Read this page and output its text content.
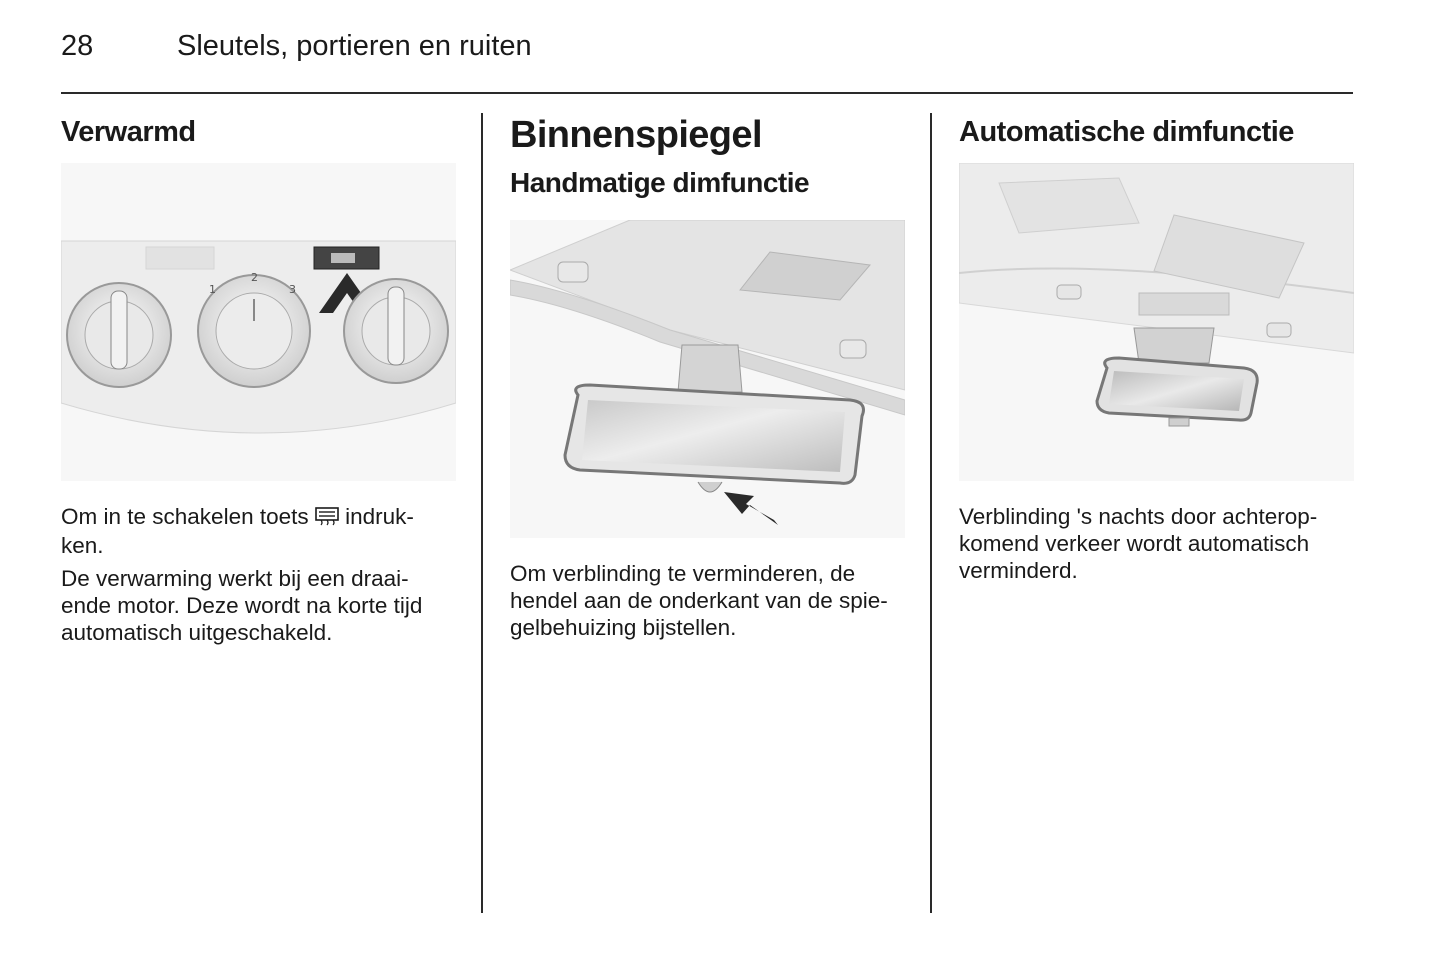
28	Sleutels, portieren en ruiten
Verwarmd
2
3
1

Om in te schakelen toets  indruk-
ken.

De verwarming werkt bij een draai-
ende motor. Deze wordt na korte tijd
automatisch uitgeschakeld.

Binnenspiegel
Handmatige dimfunctie

Om verblinding te verminderen, de
hendel aan de onderkant van de spie-
gelbehuizing bijstellen.

Automatische dimfunctie

Verblinding 's nachts door achterop-
komend verkeer wordt automatisch
verminderd.
